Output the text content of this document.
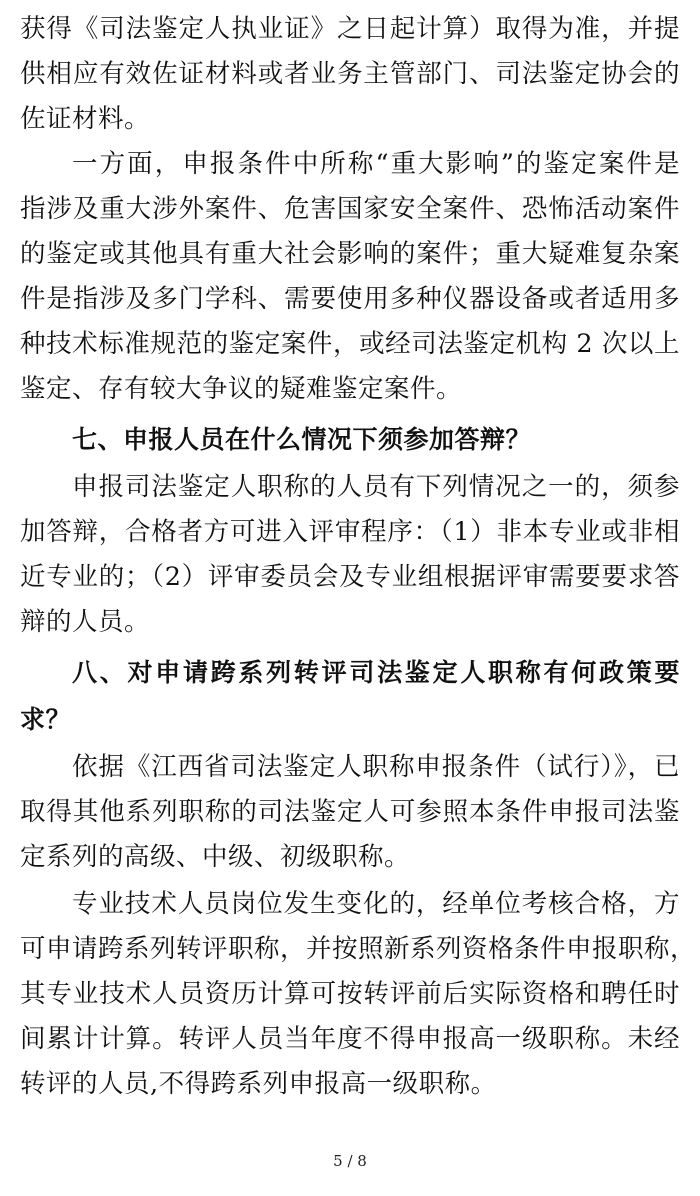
获得《司法鉴定人执业证》之日起计算）取得为准，并提
供相应有效佐证材料或者业务主管部门、司法鉴定协会的
佐证材料。
一方面，申报条件中所称“重大影响”的鉴定案件是
指涉及重大涉外案件、危害国家安全案件、恐怖活动案件
的鉴定或其他具有重大社会影响的案件；重大疑难复杂案
件是指涉及多门学科、需要使用多种仪器设备或者适用多
种技术标准规范的鉴定案件，或经司法鉴定机构 2 次以上
鉴定、存有较大争议的疑难鉴定案件。
七、申报人员在什么情况下须参加答辩？
申报司法鉴定人职称的人员有下列情况之一的，须参
加答辩，合格者方可进入评审程序：（1）非本专业或非相
近专业的；（2）评审委员会及专业组根据评审需要要求答
辩的人员。
八、对申请跨系列转评司法鉴定人职称有何政策要
求？
依据《江西省司法鉴定人职称申报条件（试行）》，已
取得其他系列职称的司法鉴定人可参照本条件申报司法鉴
定系列的高级、中级、初级职称。
专业技术人员岗位发生变化的，经单位考核合格，方
可申请跨系列转评职称，并按照新系列资格条件申报职称，
其专业技术人员资历计算可按转评前后实际资格和聘任时
间累计计算。转评人员当年度不得申报高一级职称。未经
转评的人员,不得跨系列申报高一级职称。
5 / 8
